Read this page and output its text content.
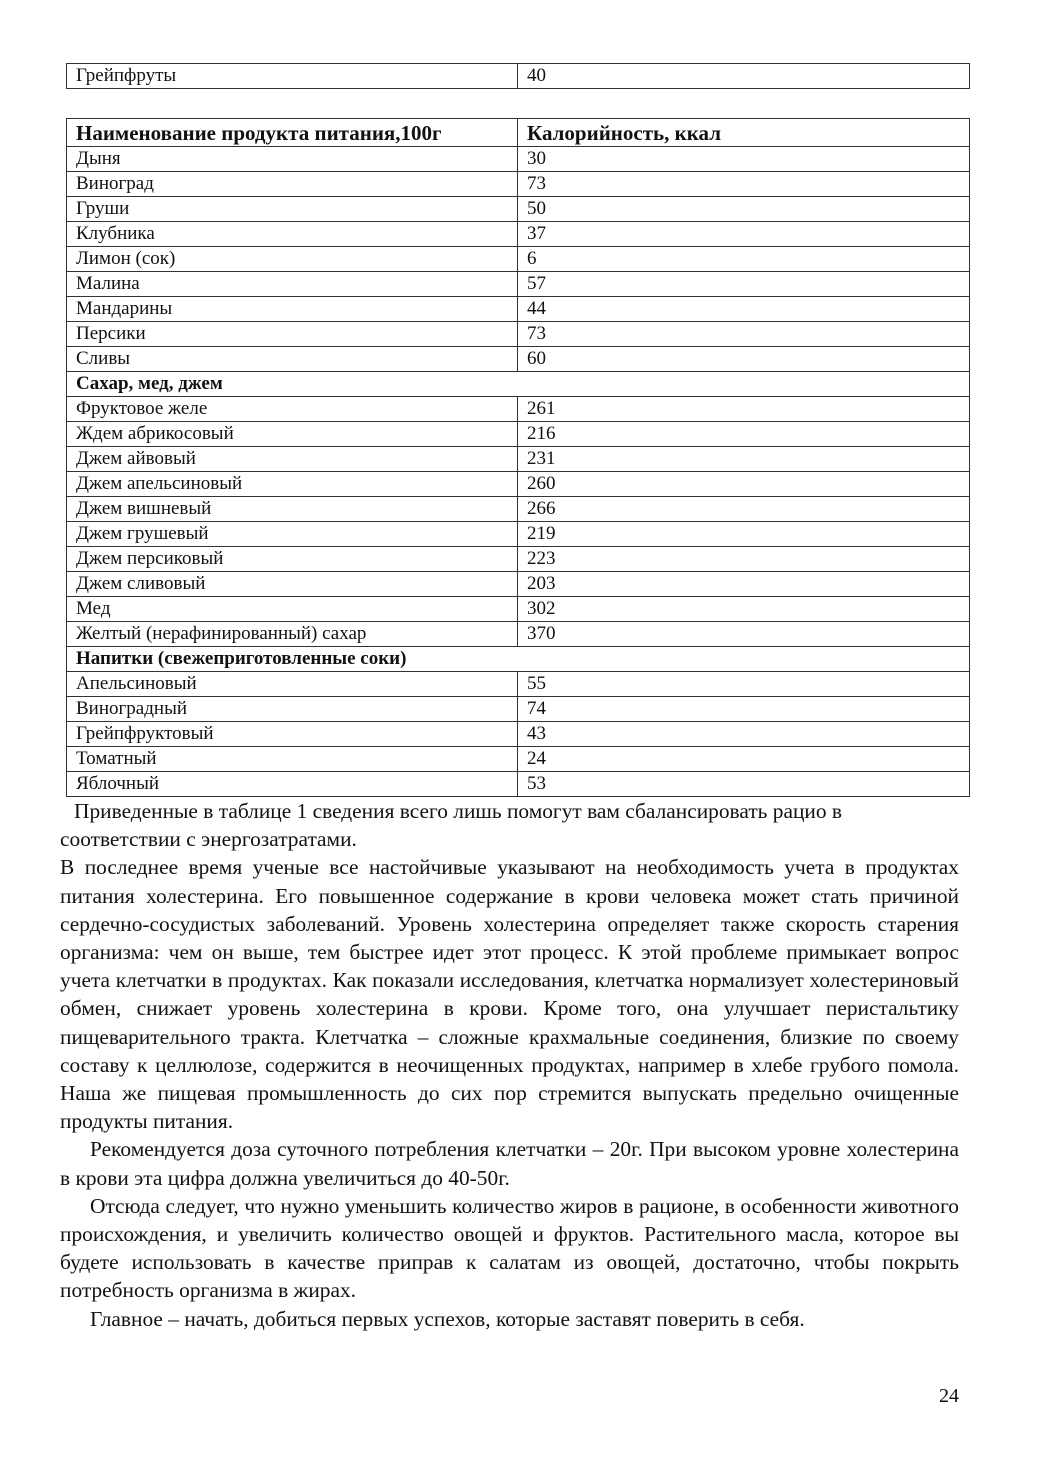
Грейпфруты	40
Наименование продукта питания,100г	Калорийность, ккал
Дыня	30
Виноград	73
Груши	50
Клубника	37
Лимон (сок)	6
Малина	57
Мандарины	44
Персики	73
Сливы	60
Сахар, мед, джем	
Фруктовое желе	261
Ждем абрикосовый	216
Джем айвовый	231
Джем апельсиновый	260
Джем вишневый	266
Джем грушевый	219
Джем персиковый	223
Джем сливовый	203
Мед	302
Желтый (нерафинированный) сахар	370
Напитки (свежеприготовленные соки)	
Апельсиновый	55
Виноградный	74
Грейпфруктовый	43
Томатный	24
Яблочный	53

Приведенные в таблице 1 сведения всего лишь помогут вам сбалансировать рацио в соответствии с энергозатратами.

В последнее время ученые все настойчивые указывают на необходимость учета в продуктах питания холестерина. Его повышенное содержание в крови человека может стать причиной сердечно-сосудистых заболеваний. Уровень холестерина определяет также скорость старения организма: чем он выше, тем быстрее идет этот процесс. К этой проблеме примыкает вопрос учета клетчатки в продуктах. Как показали исследования, клетчатка нормализует холестериновый обмен, снижает уровень холестерина в крови. Кроме того, она улучшает перистальтику пищеварительного тракта. Клетчатка – сложные крахмальные соединения, близкие по своему составу к целлюлозе, содержится в неочищенных продуктах, например в хлебе грубого помола. Наша же пищевая промышленность до сих пор стремится выпускать предельно очищенные продукты питания.

Рекомендуется доза суточного потребления клетчатки – 20г. При высоком уровне холестерина в крови эта цифра должна увеличиться до 40-50г.

Отсюда следует, что нужно уменьшить количество жиров в рационе, в особенности животного происхождения, и увеличить количество овощей и фруктов. Растительного масла, которое вы будете использовать в качестве приправ к салатам из овощей, достаточно, чтобы покрыть потребность организма в жирах.

Главное – начать, добиться первых успехов, которые заставят поверить в себя.

24
